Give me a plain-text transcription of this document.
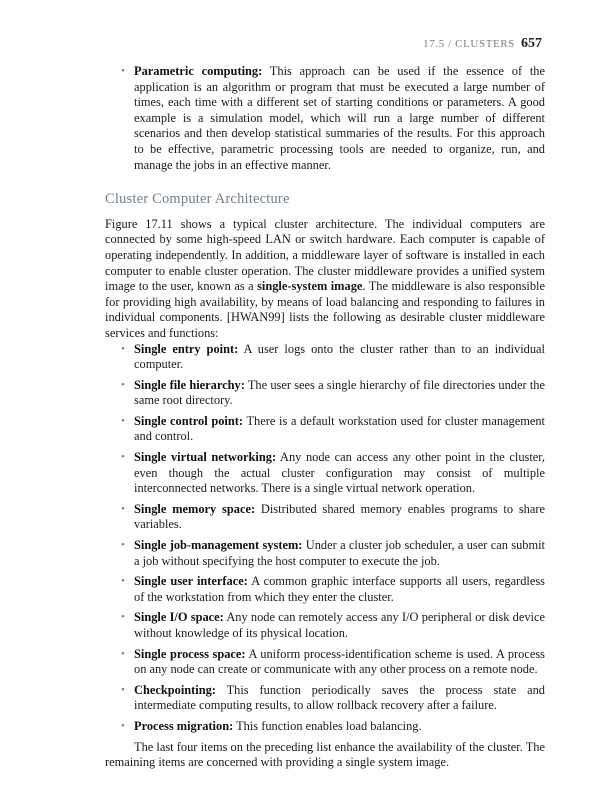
17.5 / CLUSTERS 657
• Parametric computing: This approach can be used if the essence of the application is an algorithm or program that must be executed a large number of times, each time with a different set of starting conditions or parameters. A good example is a simulation model, which will run a large number of different scenarios and then develop statistical summaries of the results. For this approach to be effective, parametric processing tools are needed to organize, run, and manage the jobs in an effective manner.
Cluster Computer Architecture

Figure 17.11 shows a typical cluster architecture. The individual computers are connected by some high-speed LAN or switch hardware. Each computer is capable of operating independently. In addition, a middleware layer of software is installed in each computer to enable cluster operation. The cluster middleware provides a unified system image to the user, known as a single-system image. The middleware is also responsible for providing high availability, by means of load balancing and responding to failures in individual components. [HWAN99] lists the following as desirable cluster middleware services and functions:

• Single entry point: A user logs onto the cluster rather than to an individual computer.
• Single file hierarchy: The user sees a single hierarchy of file directories under the same root directory.
• Single control point: There is a default workstation used for cluster management and control.
• Single virtual networking: Any node can access any other point in the cluster, even though the actual cluster configuration may consist of multiple interconnected networks. There is a single virtual network operation.
• Single memory space: Distributed shared memory enables programs to share variables.
• Single job-management system: Under a cluster job scheduler, a user can submit a job without specifying the host computer to execute the job.
• Single user interface: A common graphic interface supports all users, regardless of the workstation from which they enter the cluster.
• Single I/O space: Any node can remotely access any I/O peripheral or disk device without knowledge of its physical location.
• Single process space: A uniform process-identification scheme is used. A process on any node can create or communicate with any other process on a remote node.
• Checkpointing: This function periodically saves the process state and intermediate computing results, to allow rollback recovery after a failure.
• Process migration: This function enables load balancing.

The last four items on the preceding list enhance the availability of the cluster. The remaining items are concerned with providing a single system image.
